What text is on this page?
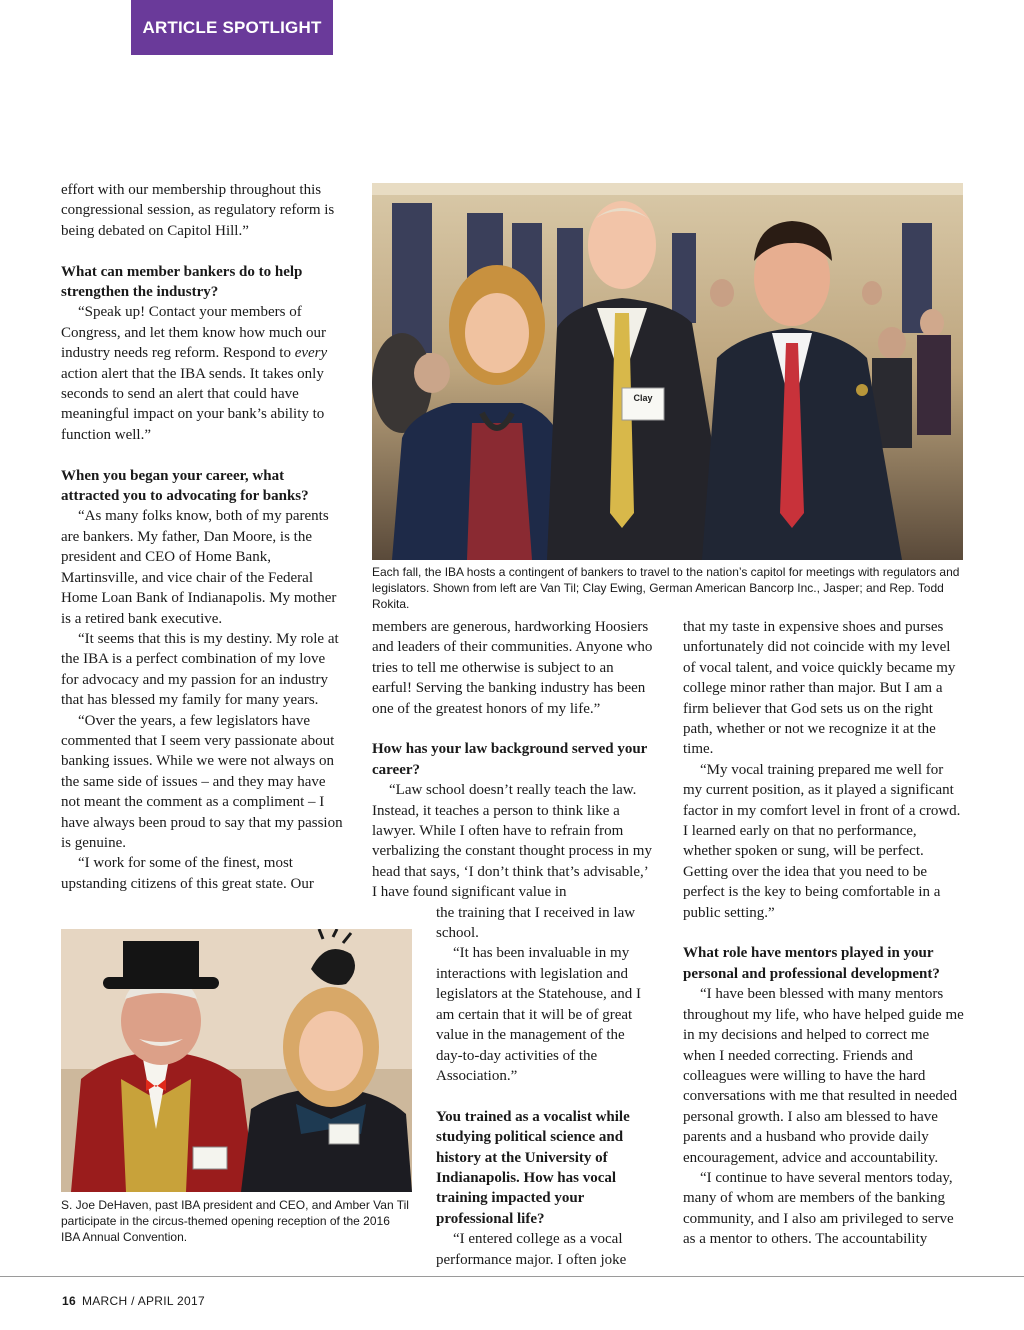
ARTICLE SPOTLIGHT
Clay
Each fall, the IBA hosts a contingent of bankers to travel to the nation’s capitol for meetings with regulators and legislators. Shown from left are Van Til; Clay Ewing, German American Bancorp Inc., Jasper; and Rep. Todd Rokita.

effort with our membership throughout this congressional session, as regulatory reform is being debated on Capitol Hill.”

What can member bankers do to help strengthen the industry?

“Speak up! Contact your members of Congress, and let them know how much our industry needs reg reform. Respond to every action alert that the IBA sends. It takes only seconds to send an alert that could have meaningful impact on your bank’s ability to function well.”

When you began your career, what attracted you to advocating for banks?

“As many folks know, both of my parents are bankers. My father, Dan Moore, is the president and CEO of Home Bank, Martinsville, and vice chair of the Federal Home Loan Bank of Indianapolis. My mother is a retired bank executive.

“It seems that this is my destiny. My role at the IBA is a perfect combination of my love for advocacy and my passion for an industry that has blessed my family for many years.

“Over the years, a few legislators have commented that I seem very passionate about banking issues. While we were not always on the same side of issues – and they may have not meant the comment as a compliment – I have always been proud to say that my passion is genuine.

“I work for some of the finest, most upstanding citizens of this great state. Our

S. Joe DeHaven, past IBA president and CEO, and Amber Van Til participate in the circus-themed opening reception of the 2016 IBA Annual Convention.

members are generous, hardworking Hoosiers and leaders of their communities. Anyone who tries to tell me otherwise is subject to an earful! Serving the banking industry has been one of the greatest honors of my life.”

How has your law background served your career?

“Law school doesn’t really teach the law. Instead, it teaches a person to think like a lawyer. While I often have to refrain from verbalizing the constant thought process in my head that says, ‘I don’t think that’s advisable,’ I have found significant value in

the training that I received in law school.

“It has been invaluable in my interactions with legislation and legislators at the Statehouse, and I am certain that it will be of great value in the management of the day-to-day activities of the Association.”

You trained as a vocalist while studying political science and history at the University of Indianapolis. How has vocal training impacted your professional life?

“I entered college as a vocal performance major. I often joke

that my taste in expensive shoes and purses unfortunately did not coincide with my level of vocal talent, and voice quickly became my college minor rather than major. But I am a firm believer that God sets us on the right path, whether or not we recognize it at the time.

“My vocal training prepared me well for my current position, as it played a significant factor in my comfort level in front of a crowd. I learned early on that no performance, whether spoken or sung, will be perfect. Getting over the idea that you need to be perfect is the key to being comfortable in a public setting.”

What role have mentors played in your personal and professional development?

“I have been blessed with many mentors throughout my life, who have helped guide me in my decisions and helped to correct me when I needed correcting. Friends and colleagues were willing to have the hard conversations with me that resulted in needed personal growth. I also am blessed to have parents and a husband who provide daily encouragement, advice and accountability.

“I continue to have several mentors today, many of whom are members of the banking community, and I also am privileged to serve as a mentor to others. The accountability

16 MARCH / APRIL 2017
